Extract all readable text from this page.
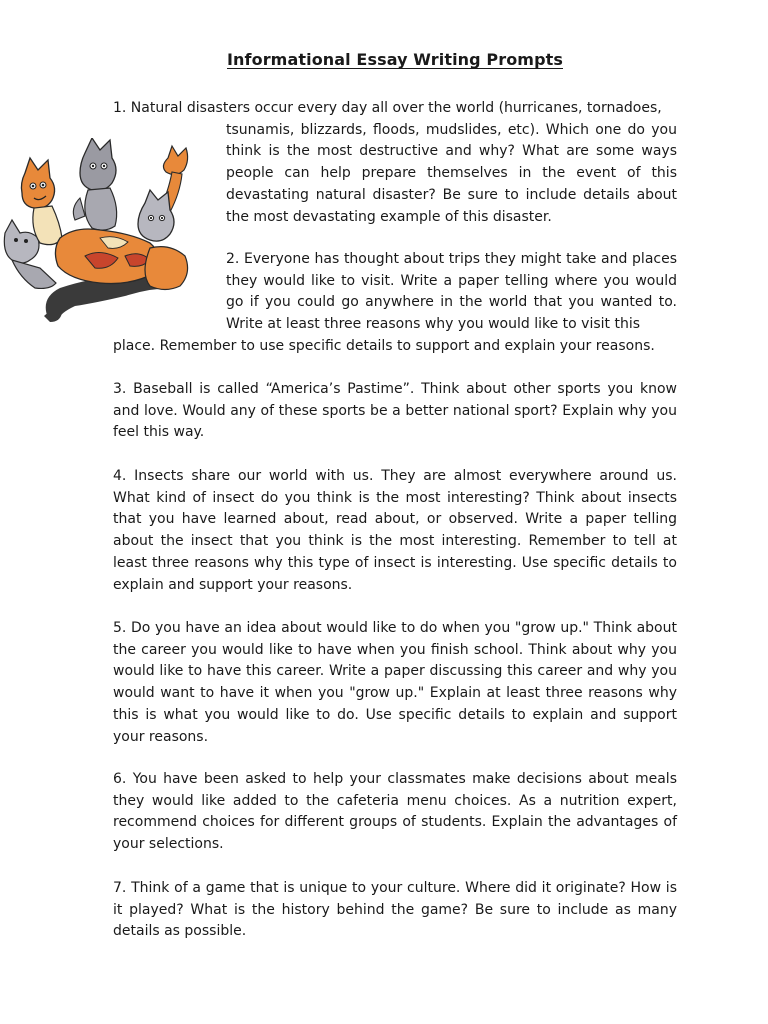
Informational Essay Writing Prompts
1. Natural disasters occur every day all over the world (hurricanes, tornadoes,
tsunamis, blizzards, floods, mudslides, etc). Which one do you think is the most destructive and why? What are some ways people can help prepare themselves in the event of this devastating natural disaster? Be sure to include details about the most devastating example of this disaster.
2. Everyone has thought about trips they might take and places they would like to visit. Write a paper telling where you would go if you could go anywhere in the world that you wanted to. Write at least three reasons why you would like to visit this
place. Remember to use specific details to support and explain your reasons.
3. Baseball is called “America’s Pastime”. Think about other sports you know and love. Would any of these sports be a better national sport? Explain why you feel this way.
4. Insects share our world with us. They are almost everywhere around us. What kind of insect do you think is the most interesting? Think about insects that you have learned about, read about, or observed. Write a paper telling about the insect that you think is the most interesting. Remember to tell at least three reasons why this type of insect is interesting. Use specific details to explain and support your reasons.
5. Do you have an idea about would like to do when you "grow up." Think about the career you would like to have when you finish school. Think about why you would like to have this career. Write a paper discussing this career and why you would want to have it when you "grow up." Explain at least three reasons why this is what you would like to do. Use specific details to explain and support your reasons.
6. You have been asked to help your classmates make decisions about meals they would like added to the cafeteria menu choices. As a nutrition expert, recommend choices for different groups of students. Explain the advantages of your selections.
7. Think of a game that is unique to your culture. Where did it originate? How is it played? What is the history behind the game? Be sure to include as many details as possible.
